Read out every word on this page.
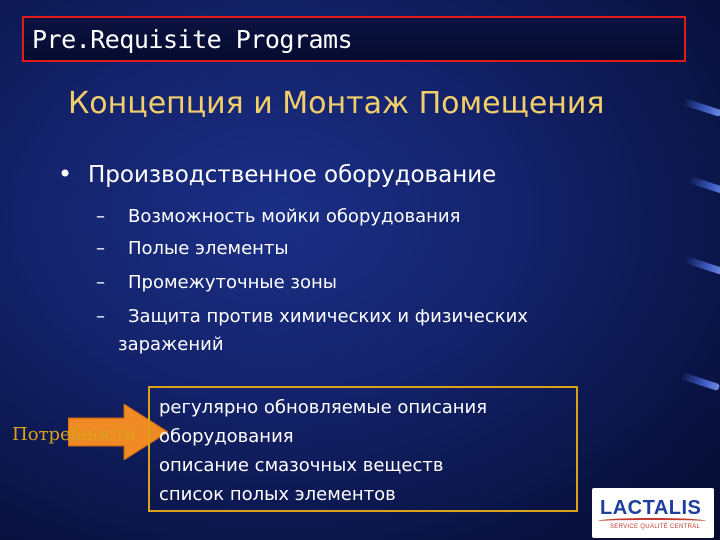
Pre.Requisite Programs
Концепция и Монтаж Помещения
• Производственное оборудование
– Возможность мойки оборудования
– Полые элементы
– Промежуточные зоны
– Защита против химических и физических
заражений
Потребности
регулярно обновляемые описания
оборудования
описание смазочных веществ
список полых элементов
LACTALIS
SERVICE QUALITÉ CENTRAL
